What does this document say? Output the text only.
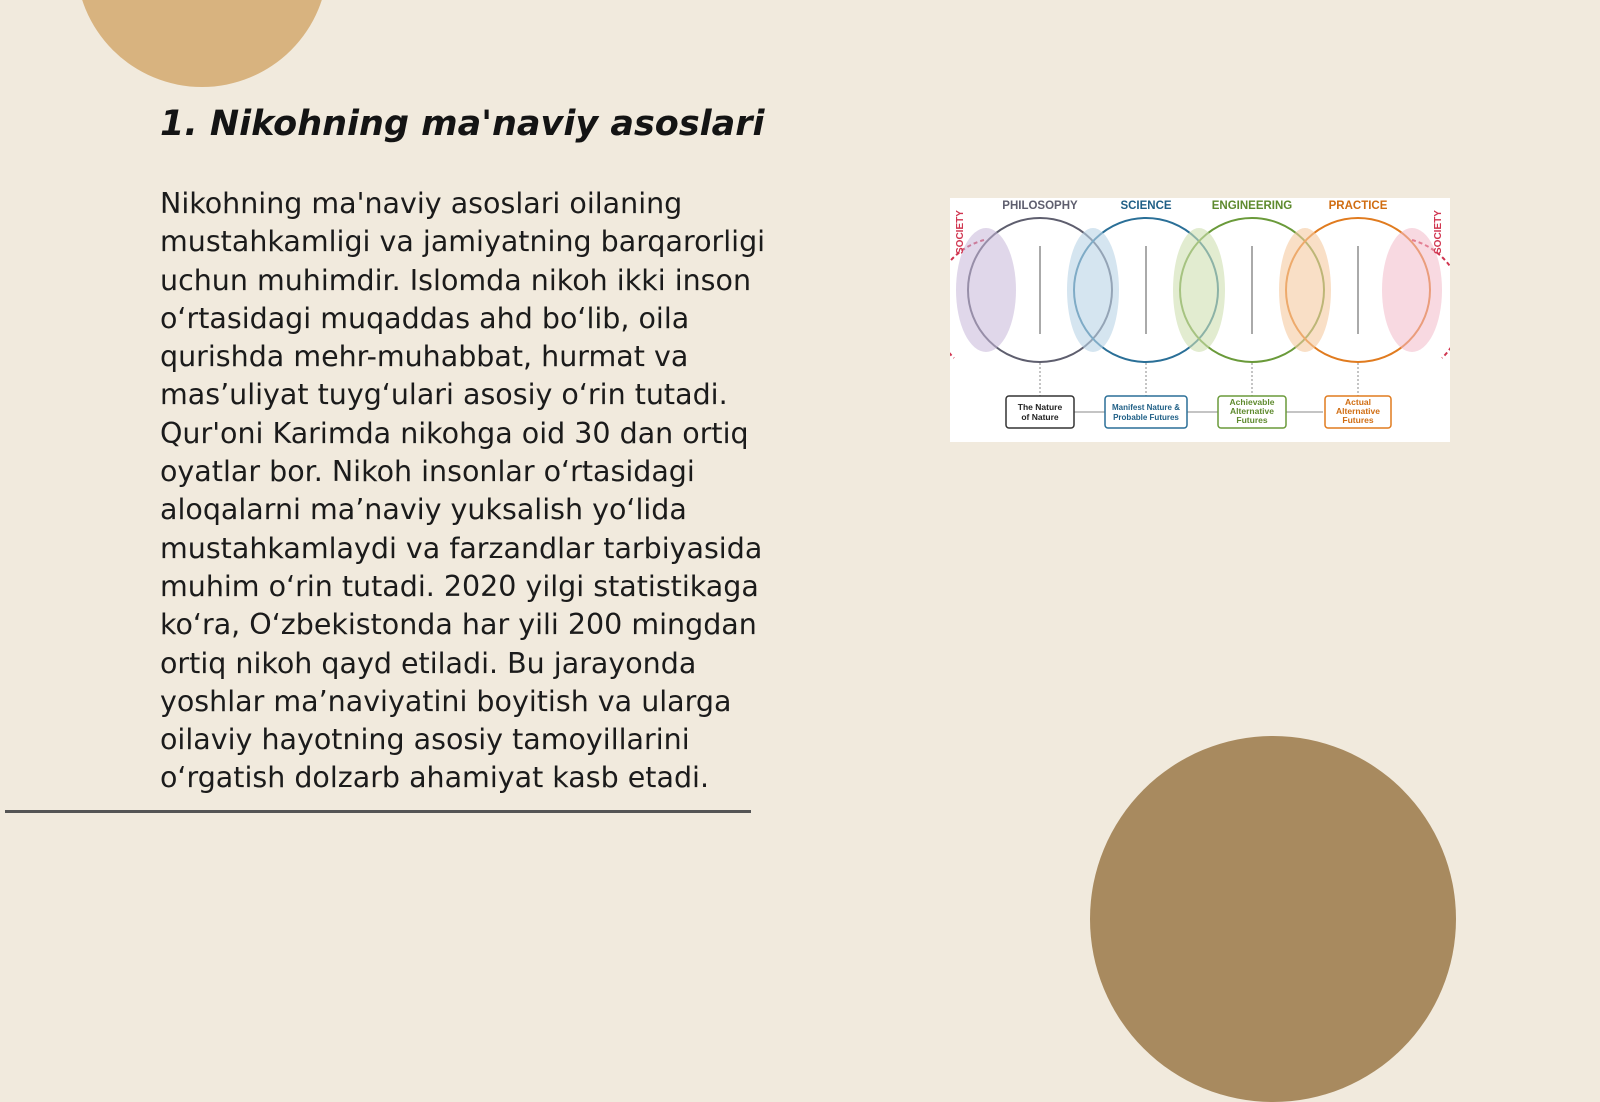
1. Nikohning ma'naviy asoslari
Nikohning ma'naviy asoslari oilaning
mustahkamligi va jamiyatning barqarorligi
uchun muhimdir. Islomda nikoh ikki inson
o‘rtasidagi muqaddas ahd bo‘lib, oila
qurishda mehr-muhabbat, hurmat va
mas’uliyat tuyg‘ulari asosiy o‘rin tutadi.
Qur'oni Karimda nikohga oid 30 dan ortiq
oyatlar bor. Nikoh insonlar o‘rtasidagi
aloqalarni ma’naviy yuksalish yo‘lida
mustahkamlaydi va farzandlar tarbiyasida
muhim o‘rin tutadi. 2020 yilgi statistikaga
ko‘ra, O‘zbekistonda har yili 200 mingdan
ortiq nikoh qayd etiladi. Bu jarayonda
yoshlar ma’naviyatini boyitish va ularga
oilaviy hayotning asosiy tamoyillarini
o‘rgatish dolzarb ahamiyat kasb etadi.
PHILOSOPHY	SCIENCE	ENGINEERING	PRACTICE
SOCIETY	SOCIETY
The Nature
of Nature
Manifest Nature &
Probable Futures
Achievable
Alternative
Futures
Actual
Alternative
Futures
